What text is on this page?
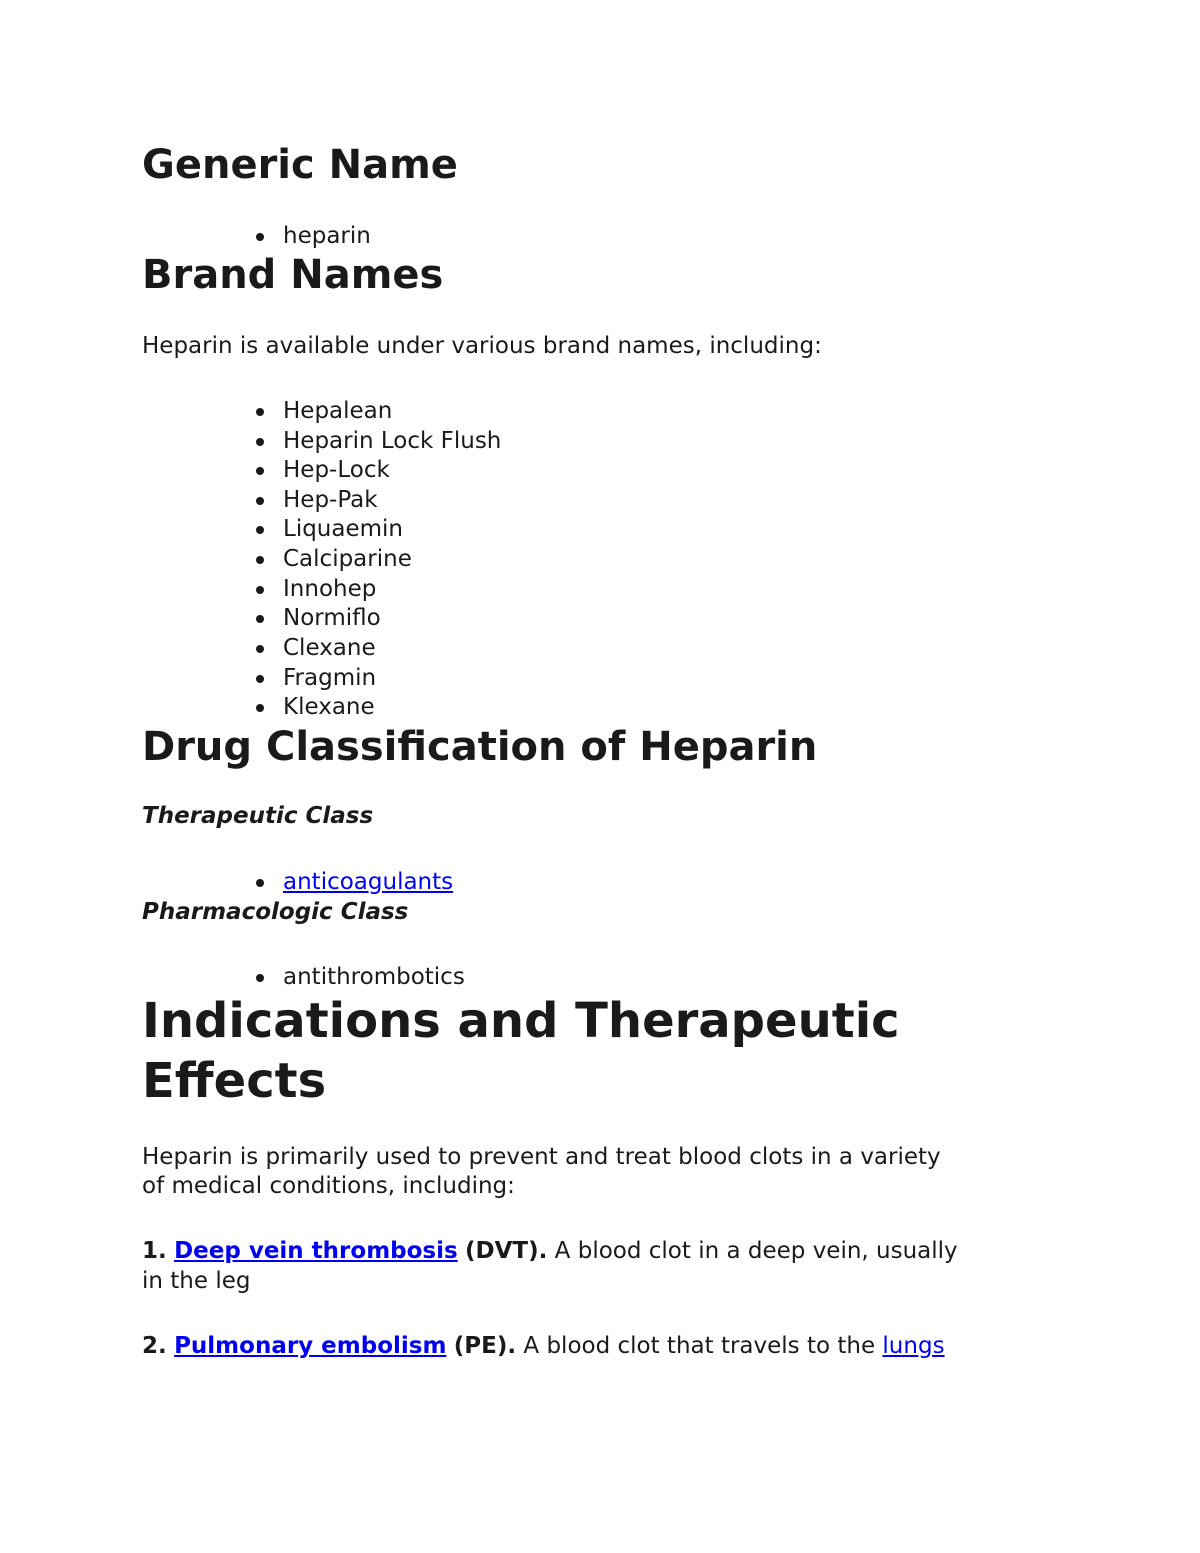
Generic Name
heparin
Brand Names
Heparin is available under various brand names, including:
Hepalean
Heparin Lock Flush
Hep-Lock
Hep-Pak
Liquaemin
Calciparine
Innohep
Normiflo
Clexane
Fragmin
Klexane
Drug Classification of Heparin
Therapeutic Class
anticoagulants
Pharmacologic Class
antithrombotics
Indications and Therapeutic
Effects
Heparin is primarily used to prevent and treat blood clots in a variety
of medical conditions, including:
1. Deep vein thrombosis (DVT). A blood clot in a deep vein, usually
in the leg
2. Pulmonary embolism (PE). A blood clot that travels to the lungs
